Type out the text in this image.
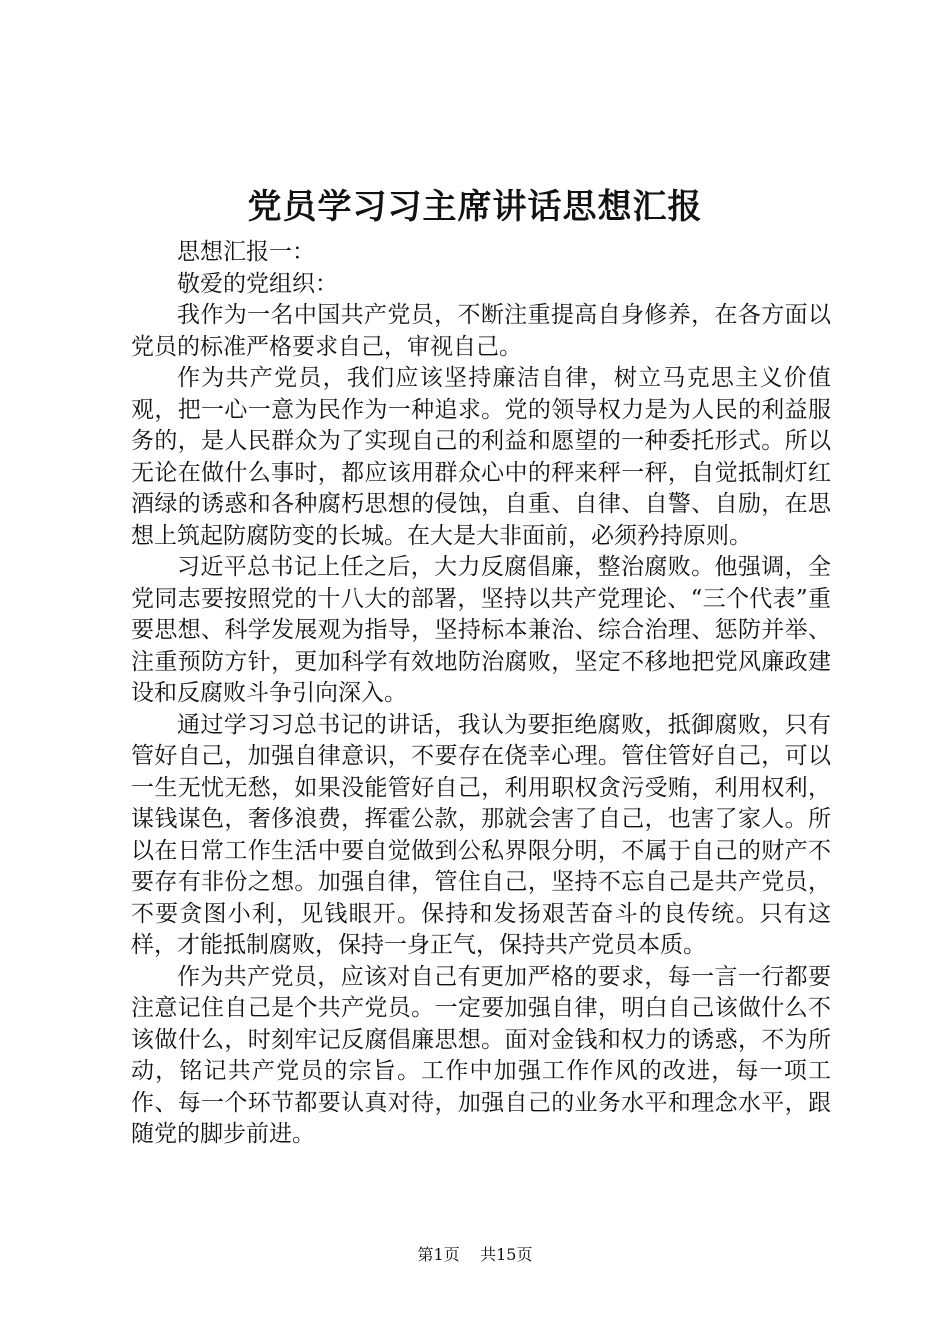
党员学习习主席讲话思想汇报

思想汇报一：

敬爱的党组织：

我作为一名中国共产党员，不断注重提高自身修养，在各方面以党员的标准严格要求自己，审视自己。

作为共产党员，我们应该坚持廉洁自律，树立马克思主义价值观，把一心一意为民作为一种追求。党的领导权力是为人民的利益服务的，是人民群众为了实现自己的利益和愿望的一种委托形式。所以无论在做什么事时，都应该用群众心中的秤来秤一秤，自觉抵制灯红酒绿的诱惑和各种腐朽思想的侵蚀，自重、自律、自警、自励，在思想上筑起防腐防变的长城。在大是大非面前，必须矜持原则。

习近平总书记上任之后，大力反腐倡廉，整治腐败。他强调，全党同志要按照党的十八大的部署，坚持以共产党理论、“三个代表”重要思想、科学发展观为指导，坚持标本兼治、综合治理、惩防并举、注重预防方针，更加科学有效地防治腐败，坚定不移地把党风廉政建设和反腐败斗争引向深入。

通过学习习总书记的讲话，我认为要拒绝腐败，抵御腐败，只有管好自己，加强自律意识，不要存在侥幸心理。管住管好自己，可以一生无忧无愁，如果没能管好自己，利用职权贪污受贿，利用权利，谋钱谋色，奢侈浪费，挥霍公款，那就会害了自己，也害了家人。所以在日常工作生活中要自觉做到公私界限分明，不属于自己的财产不要存有非份之想。加强自律，管住自己，坚持不忘自己是共产党员，不要贪图小利，见钱眼开。保持和发扬艰苦奋斗的良传统。只有这样，才能抵制腐败，保持一身正气，保持共产党员本质。

作为共产党员，应该对自己有更加严格的要求，每一言一行都要注意记住自己是个共产党员。一定要加强自律，明白自己该做什么不该做什么，时刻牢记反腐倡廉思想。面对金钱和权力的诱惑，不为所动，铭记共产党员的宗旨。工作中加强工作作风的改进，每一项工作、每一个环节都要认真对待，加强自己的业务水平和理念水平，跟随党的脚步前进。

第1页 共15页
